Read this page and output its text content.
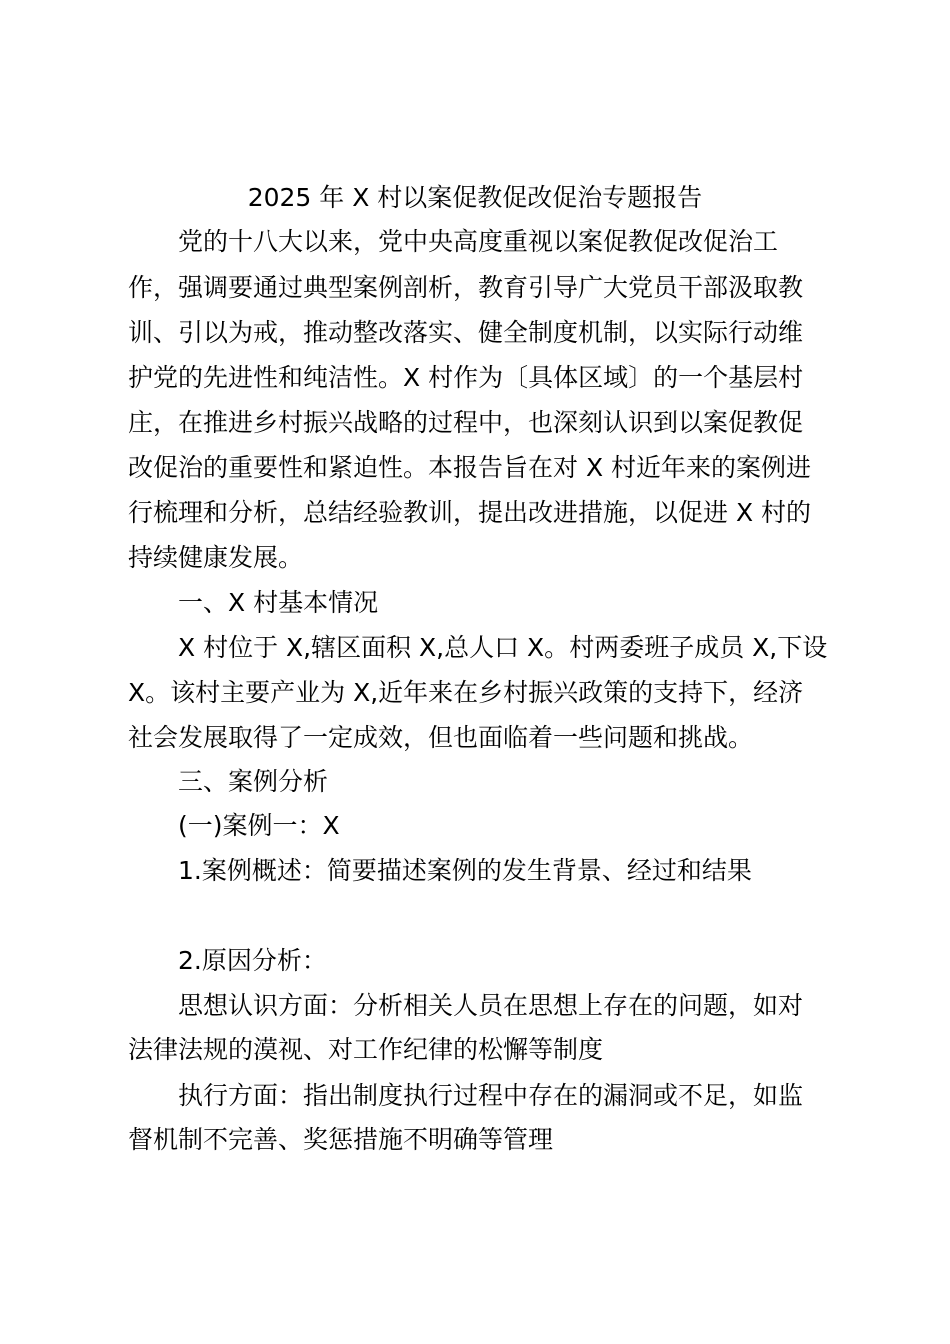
2025 年 X 村以案促教促改促治专题报告
党的十八大以来，党中央高度重视以案促教促改促治工
作，强调要通过典型案例剖析，教育引导广大党员干部汲取教
训、引以为戒，推动整改落实、健全制度机制，以实际行动维
护党的先进性和纯洁性。X 村作为〔具体区域〕的一个基层村
庄，在推进乡村振兴战略的过程中，也深刻认识到以案促教促
改促治的重要性和紧迫性。本报告旨在对 X 村近年来的案例进
行梳理和分析，总结经验教训，提出改进措施，以促进 X 村的
持续健康发展。
一、X 村基本情况
X 村位于 X,辖区面积 X,总人口 X。村两委班子成员 X,下设
X。该村主要产业为 X,近年来在乡村振兴政策的支持下，经济
社会发展取得了一定成效，但也面临着一些问题和挑战。
三、案例分析
(一)案例一：X
1.案例概述：简要描述案例的发生背景、经过和结果
2.原因分析：
思想认识方面：分析相关人员在思想上存在的问题，如对
法律法规的漠视、对工作纪律的松懈等制度
执行方面：指出制度执行过程中存在的漏洞或不足，如监
督机制不完善、奖惩措施不明确等管理
